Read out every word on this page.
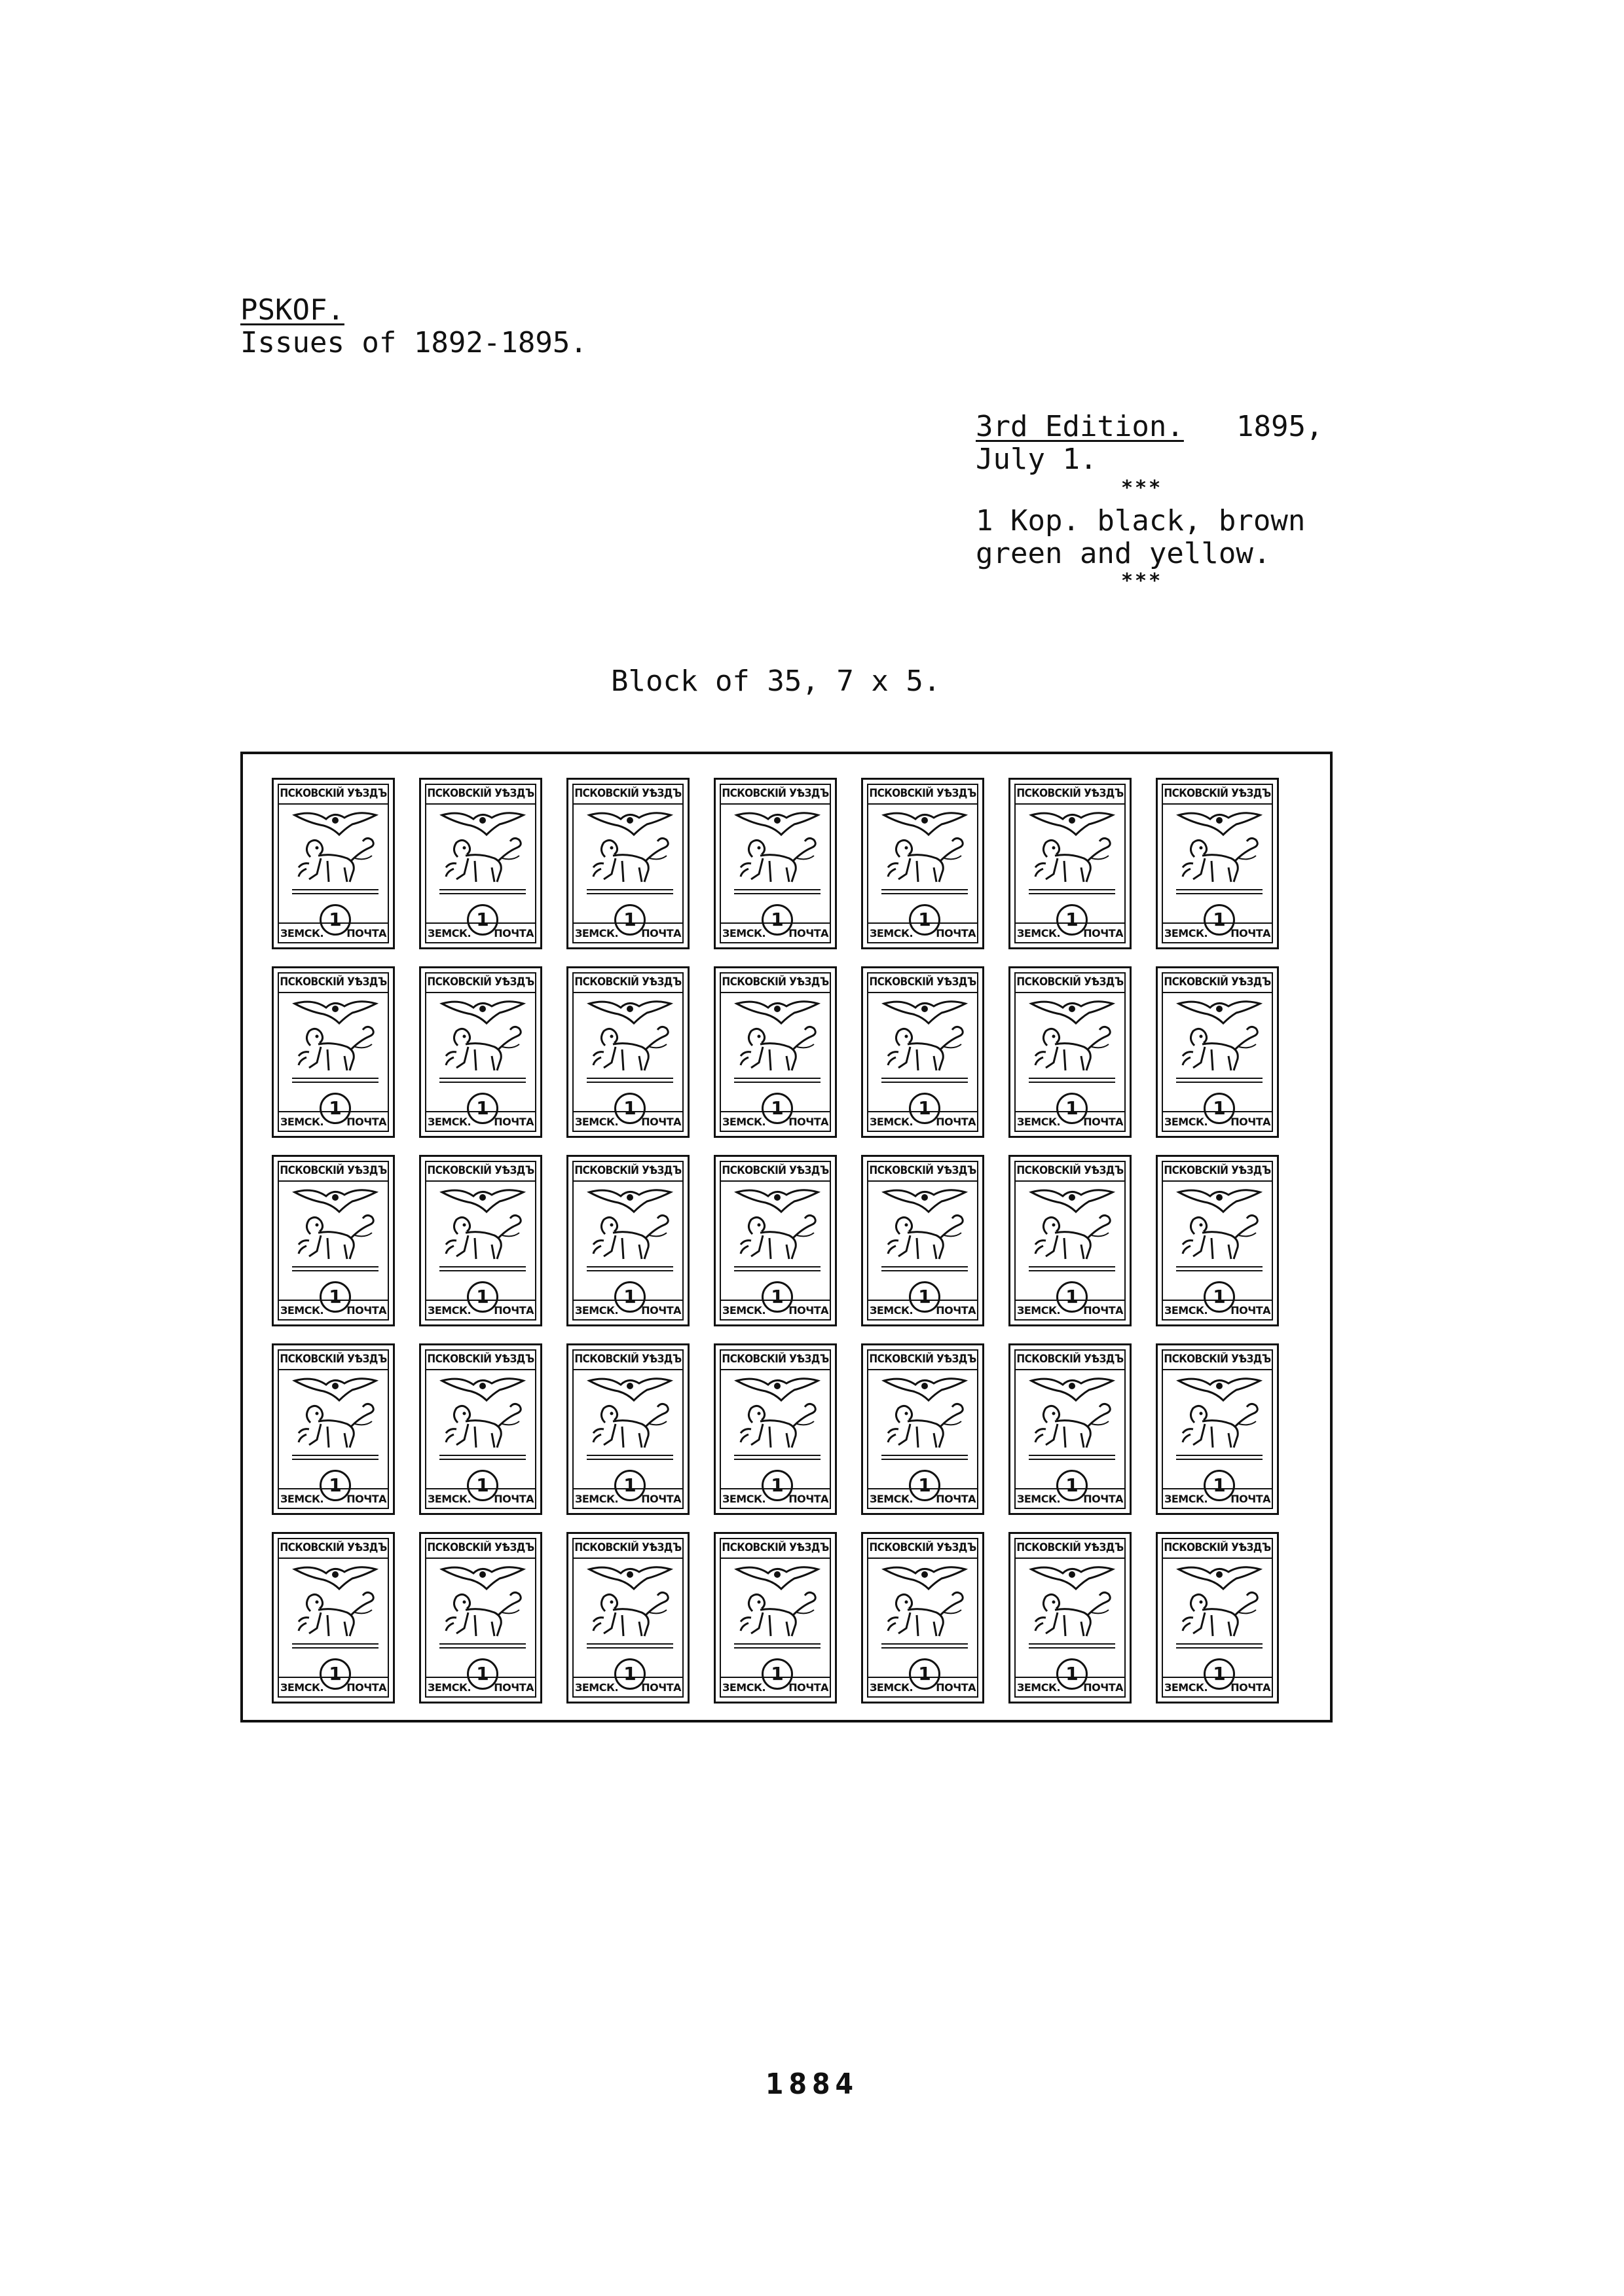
PSKOF.
Issues of 1892-1895.
3rd Edition. 1895,
July 1.
***
1 Kop. black, brown
green and yellow.
***
Block of 35, 7 x 5.
ПСКОВСКІЙ УѢЗДЪ
1
ЗЕМСК. ПОЧТА
ПСКОВСКІЙ УѢЗДЪ
1
ЗЕМСК. ПОЧТА
ПСКОВСКІЙ УѢЗДЪ
1
ЗЕМСК. ПОЧТА
ПСКОВСКІЙ УѢЗДЪ
1
ЗЕМСК. ПОЧТА
ПСКОВСКІЙ УѢЗДЪ
1
ЗЕМСК. ПОЧТА
ПСКОВСКІЙ УѢЗДЪ
1
ЗЕМСК. ПОЧТА
ПСКОВСКІЙ УѢЗДЪ
1
ЗЕМСК. ПОЧТА
ПСКОВСКІЙ УѢЗДЪ
1
ЗЕМСК. ПОЧТА
ПСКОВСКІЙ УѢЗДЪ
1
ЗЕМСК. ПОЧТА
ПСКОВСКІЙ УѢЗДЪ
1
ЗЕМСК. ПОЧТА
ПСКОВСКІЙ УѢЗДЪ
1
ЗЕМСК. ПОЧТА
ПСКОВСКІЙ УѢЗДЪ
1
ЗЕМСК. ПОЧТА
ПСКОВСКІЙ УѢЗДЪ
1
ЗЕМСК. ПОЧТА
ПСКОВСКІЙ УѢЗДЪ
1
ЗЕМСК. ПОЧТА
ПСКОВСКІЙ УѢЗДЪ
1
ЗЕМСК. ПОЧТА
ПСКОВСКІЙ УѢЗДЪ
1
ЗЕМСК. ПОЧТА
ПСКОВСКІЙ УѢЗДЪ
1
ЗЕМСК. ПОЧТА
ПСКОВСКІЙ УѢЗДЪ
1
ЗЕМСК. ПОЧТА
ПСКОВСКІЙ УѢЗДЪ
1
ЗЕМСК. ПОЧТА
ПСКОВСКІЙ УѢЗДЪ
1
ЗЕМСК. ПОЧТА
ПСКОВСКІЙ УѢЗДЪ
1
ЗЕМСК. ПОЧТА
ПСКОВСКІЙ УѢЗДЪ
1
ЗЕМСК. ПОЧТА
ПСКОВСКІЙ УѢЗДЪ
1
ЗЕМСК. ПОЧТА
ПСКОВСКІЙ УѢЗДЪ
1
ЗЕМСК. ПОЧТА
ПСКОВСКІЙ УѢЗДЪ
1
ЗЕМСК. ПОЧТА
ПСКОВСКІЙ УѢЗДЪ
1
ЗЕМСК. ПОЧТА
ПСКОВСКІЙ УѢЗДЪ
1
ЗЕМСК. ПОЧТА
ПСКОВСКІЙ УѢЗДЪ
1
ЗЕМСК. ПОЧТА
ПСКОВСКІЙ УѢЗДЪ
1
ЗЕМСК. ПОЧТА
ПСКОВСКІЙ УѢЗДЪ
1
ЗЕМСК. ПОЧТА
ПСКОВСКІЙ УѢЗДЪ
1
ЗЕМСК. ПОЧТА
ПСКОВСКІЙ УѢЗДЪ
1
ЗЕМСК. ПОЧТА
ПСКОВСКІЙ УѢЗДЪ
1
ЗЕМСК. ПОЧТА
ПСКОВСКІЙ УѢЗДЪ
1
ЗЕМСК. ПОЧТА
ПСКОВСКІЙ УѢЗДЪ
1
ЗЕМСК. ПОЧТА
1884
